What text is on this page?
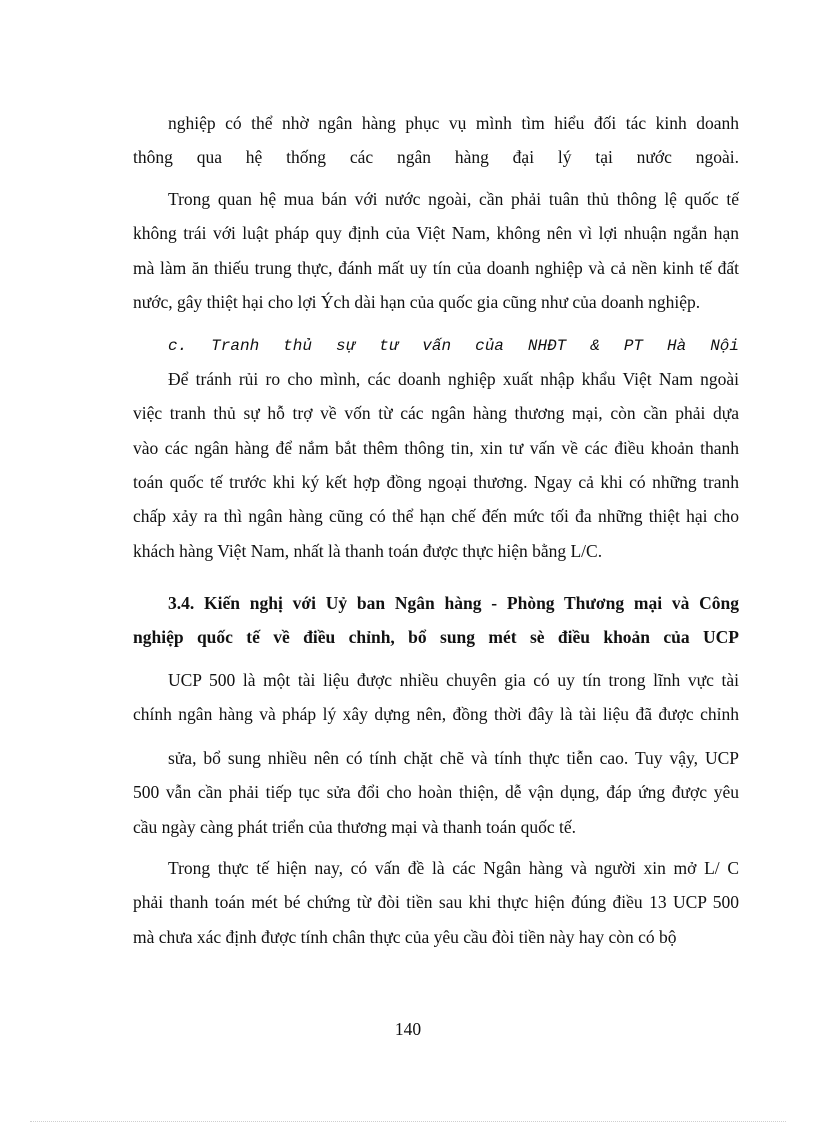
nghiệp có thể nhờ ngân hàng phục vụ mình tìm hiểu đối tác kinh doanh
thông qua hệ thống các ngân hàng đại lý tại nước ngoài.
Trong quan hệ mua bán với nước ngoài, cần phải tuân thủ thông lệ quốc tế
không trái với luật pháp quy định của Việt Nam, không nên vì lợi nhuận ngắn hạn
mà làm ăn thiếu trung thực, đánh mất uy tín của doanh nghiệp và cả nền kinh tế đất
nước, gây thiệt hại cho lợi Ých dài hạn của quốc gia cũng như của doanh nghiệp.
c. Tranh thủ sự tư vấn của NHĐT & PT Hà Nội
Để tránh rủi ro cho mình, các doanh nghiệp xuất nhập khẩu Việt Nam ngoài
việc tranh thủ sự hỗ trợ về vốn từ các ngân hàng thương mại, còn cần phải dựa
vào các ngân hàng để nắm bắt thêm thông tin, xin tư vấn về các điều khoản thanh
toán quốc tế trước khi ký kết hợp đồng ngoại thương. Ngay cả khi có những tranh
chấp xảy ra thì ngân hàng cũng có thể hạn chế đến mức tối đa những thiệt hại cho
khách hàng Việt Nam, nhất là thanh toán được thực hiện bằng L/C.
3.4. Kiến nghị với Uỷ ban Ngân hàng - Phòng Thương mại và Công
nghiệp quốc tế về điều chỉnh, bổ sung mét sè điều khoản của UCP
UCP 500 là một tài liệu được nhiều chuyên gia có uy tín trong lĩnh vực tài
chính ngân hàng và pháp lý xây dựng nên, đồng thời đây là tài liệu đã được chỉnh
sửa, bổ sung nhiều nên có tính chặt chẽ và tính thực tiễn cao. Tuy vậy, UCP
500 vẫn cần phải tiếp tục sửa đổi cho hoàn thiện, dễ vận dụng, đáp ứng được yêu
cầu ngày càng phát triển của thương mại và thanh toán quốc tế.
Trong thực tế hiện nay, có vấn đề là các Ngân hàng và người xin mở L/ C
phải thanh toán mét bé chứng từ đòi tiền sau khi thực hiện đúng điều 13 UCP 500
mà chưa xác định được tính chân thực của yêu cầu đòi tiền này hay còn có bộ
140
